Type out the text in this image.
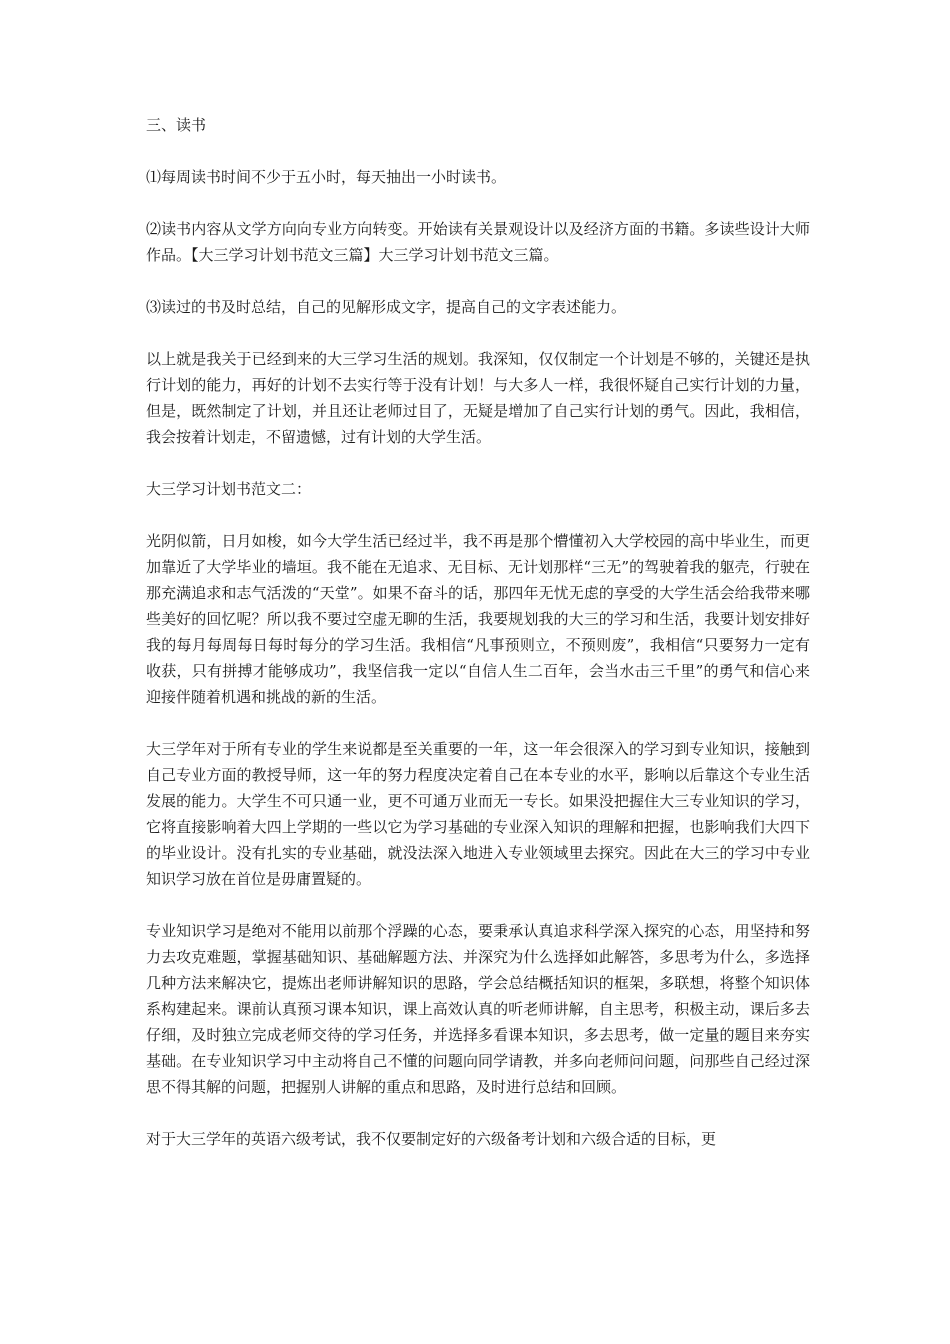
三、读书

⑴每周读书时间不少于五小时，每天抽出一小时读书。

⑵读书内容从文学方向向专业方向转变。开始读有关景观设计以及经济方面的书籍。多读些设计大师作品。【大三学习计划书范文三篇】大三学习计划书范文三篇。

⑶读过的书及时总结，自己的见解形成文字，提高自己的文字表述能力。

以上就是我关于已经到来的大三学习生活的规划。我深知，仅仅制定一个计划是不够的，关键还是执行计划的能力，再好的计划不去实行等于没有计划！与大多人一样，我很怀疑自己实行计划的力量，但是，既然制定了计划，并且还让老师过目了，无疑是增加了自己实行计划的勇气。因此，我相信，我会按着计划走，不留遗憾，过有计划的大学生活。

大三学习计划书范文二：

光阴似箭，日月如梭，如今大学生活已经过半，我不再是那个懵懂初入大学校园的高中毕业生，而更加靠近了大学毕业的墙垣。我不能在无追求、无目标、无计划那样“三无”的驾驶着我的躯壳，行驶在那充满追求和志气活泼的“天堂”。如果不奋斗的话，那四年无忧无虑的享受的大学生活会给我带来哪些美好的回忆呢？所以我不要过空虚无聊的生活，我要规划我的大三的学习和生活，我要计划安排好我的每月每周每日每时每分的学习生活。我相信“凡事预则立，不预则废”，我相信“只要努力一定有收获，只有拼搏才能够成功”，我坚信我一定以“自信人生二百年，会当水击三千里”的勇气和信心来迎接伴随着机遇和挑战的新的生活。

大三学年对于所有专业的学生来说都是至关重要的一年，这一年会很深入的学习到专业知识，接触到自己专业方面的教授导师，这一年的努力程度决定着自己在本专业的水平，影响以后靠这个专业生活发展的能力。大学生不可只通一业，更不可通万业而无一专长。如果没把握住大三专业知识的学习，它将直接影响着大四上学期的一些以它为学习基础的专业深入知识的理解和把握，也影响我们大四下的毕业设计。没有扎实的专业基础，就没法深入地进入专业领域里去探究。因此在大三的学习中专业知识学习放在首位是毋庸置疑的。

专业知识学习是绝对不能用以前那个浮躁的心态，要秉承认真追求科学深入探究的心态，用坚持和努力去攻克难题，掌握基础知识、基础解题方法、并深究为什么选择如此解答，多思考为什么，多选择几种方法来解决它，提炼出老师讲解知识的思路，学会总结概括知识的框架，多联想，将整个知识体系构建起来。课前认真预习课本知识，课上高效认真的听老师讲解，自主思考，积极主动，课后多去仔细，及时独立完成老师交待的学习任务，并选择多看课本知识，多去思考，做一定量的题目来夯实基础。在专业知识学习中主动将自己不懂的问题向同学请教，并多向老师问问题，问那些自己经过深思不得其解的问题，把握别人讲解的重点和思路，及时进行总结和回顾。

对于大三学年的英语六级考试，我不仅要制定好的六级备考计划和六级合适的目标，更
